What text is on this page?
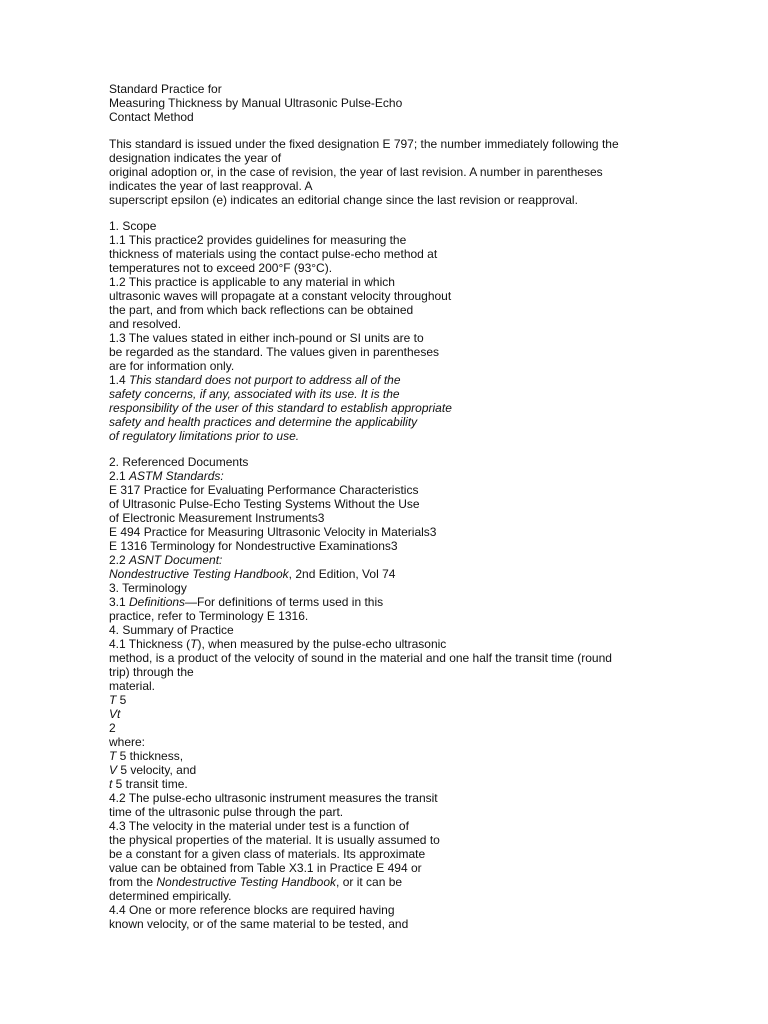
Standard Practice for
Measuring Thickness by Manual Ultrasonic Pulse-Echo
Contact Method
This standard is issued under the fixed designation E 797; the number immediately following the
designation indicates the year of
original adoption or, in the case of revision, the year of last revision. A number in parentheses
indicates the year of last reapproval. A
superscript epsilon (e) indicates an editorial change since the last revision or reapproval.
1. Scope
1.1 This practice2 provides guidelines for measuring the
thickness of materials using the contact pulse-echo method at
temperatures not to exceed 200°F (93°C).
1.2 This practice is applicable to any material in which
ultrasonic waves will propagate at a constant velocity throughout
the part, and from which back reflections can be obtained
and resolved.
1.3 The values stated in either inch-pound or SI units are to
be regarded as the standard. The values given in parentheses
are for information only.
1.4 This standard does not purport to address all of the
safety concerns, if any, associated with its use. It is the
responsibility of the user of this standard to establish appropriate
safety and health practices and determine the applicability
of regulatory limitations prior to use.
2. Referenced Documents
2.1 ASTM Standards:
E 317 Practice for Evaluating Performance Characteristics
of Ultrasonic Pulse-Echo Testing Systems Without the Use
of Electronic Measurement Instruments3
E 494 Practice for Measuring Ultrasonic Velocity in Materials3
E 1316 Terminology for Nondestructive Examinations3
2.2 ASNT Document:
Nondestructive Testing Handbook, 2nd Edition, Vol 74
3. Terminology
3.1 Definitions—For definitions of terms used in this
practice, refer to Terminology E 1316.
4. Summary of Practice
4.1 Thickness (T), when measured by the pulse-echo ultrasonic
method, is a product of the velocity of sound in the material and one half the transit time (round
trip) through the
material.
T 5
Vt
2
where:
T 5 thickness,
V 5 velocity, and
t 5 transit time.
4.2 The pulse-echo ultrasonic instrument measures the transit
time of the ultrasonic pulse through the part.
4.3 The velocity in the material under test is a function of
the physical properties of the material. It is usually assumed to
be a constant for a given class of materials. Its approximate
value can be obtained from Table X3.1 in Practice E 494 or
from the Nondestructive Testing Handbook, or it can be
determined empirically.
4.4 One or more reference blocks are required having
known velocity, or of the same material to be tested, and
